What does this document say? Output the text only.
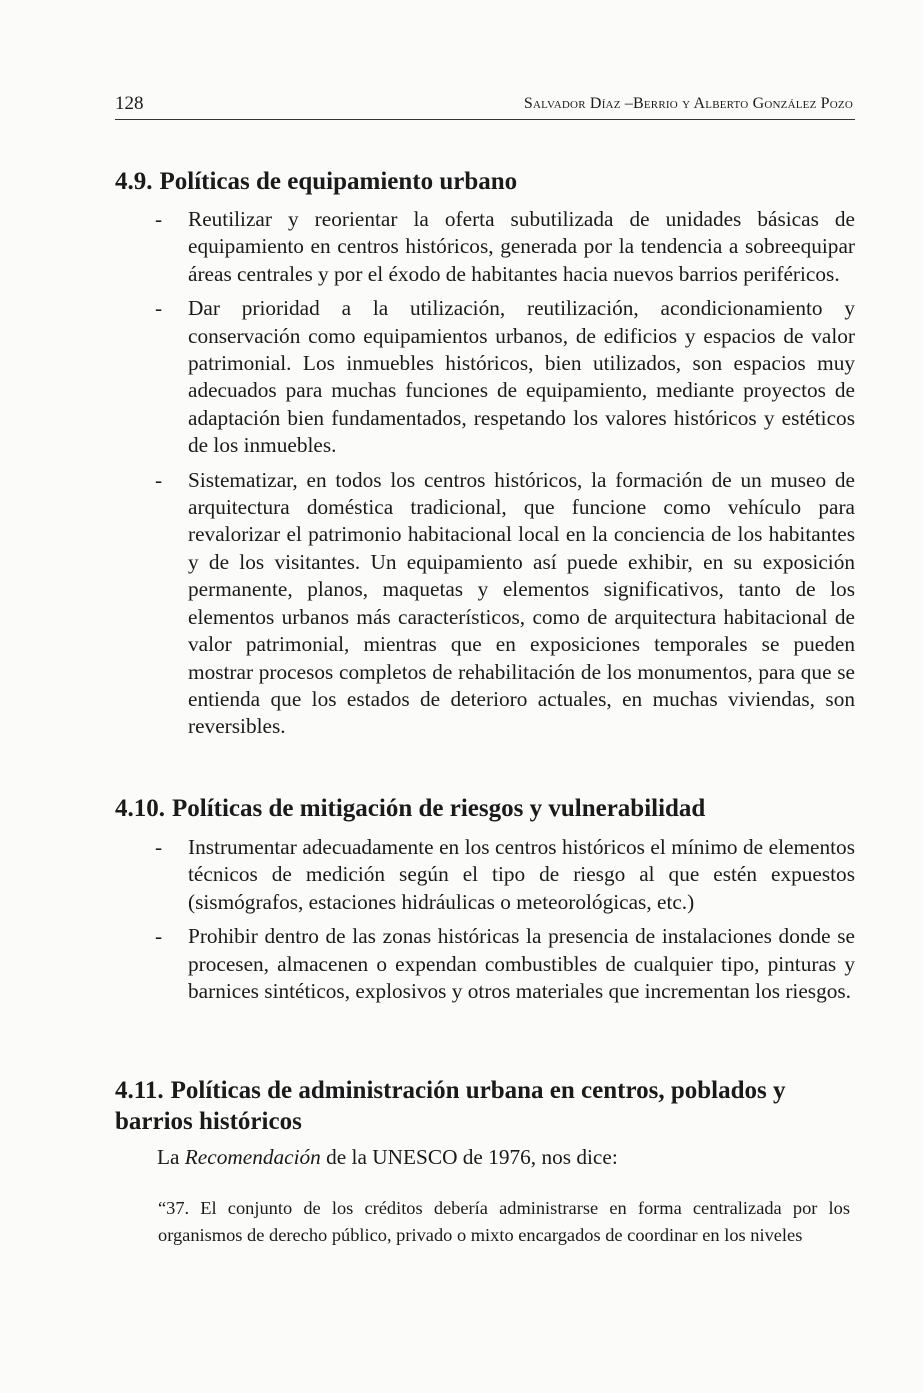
128	Salvador Díaz –Berrio y Alberto González Pozo
4.9. Políticas de equipamiento urbano
- Reutilizar y reorientar la oferta subutilizada de unidades básicas de equipamiento en centros históricos, generada por la tendencia a sobreequipar áreas centrales y por el éxodo de habitantes hacia nuevos barrios periféricos.
- Dar prioridad a la utilización, reutilización, acondicionamiento y conservación como equipamientos urbanos, de edificios y espacios de valor patrimonial. Los inmuebles históricos, bien utilizados, son espacios muy adecuados para muchas funciones de equipamiento, mediante proyectos de adaptación bien fundamentados, respetando los valores históricos y estéticos de los inmuebles.
- Sistematizar, en todos los centros históricos, la formación de un museo de arquitectura doméstica tradicional, que funcione como vehículo para revalorizar el patrimonio habitacional local en la conciencia de los habitantes y de los visitantes. Un equipamiento así puede exhibir, en su exposición permanente, planos, maquetas y elementos significativos, tanto de los elementos urbanos más característicos, como de arquitectura habitacional de valor patrimonial, mientras que en exposiciones temporales se pueden mostrar procesos completos de rehabilitación de los monumentos, para que se entienda que los estados de deterioro actuales, en muchas viviendas, son reversibles.
4.10. Políticas de mitigación de riesgos y vulnerabilidad
- Instrumentar adecuadamente en los centros históricos el mínimo de elementos técnicos de medición según el tipo de riesgo al que estén expuestos (sismógrafos, estaciones hidráulicas o meteorológicas, etc.)
- Prohibir dentro de las zonas históricas la presencia de instalaciones donde se procesen, almacenen o expendan combustibles de cualquier tipo, pinturas y barnices sintéticos, explosivos y otros materiales que incrementan los riesgos.
4.11. Políticas de administración urbana en centros, poblados y barrios históricos

La Recomendación de la UNESCO de 1976, nos dice:

“37. El conjunto de los créditos debería administrarse en forma centralizada por los organismos de derecho público, privado o mixto encargados de coordinar en los niveles
